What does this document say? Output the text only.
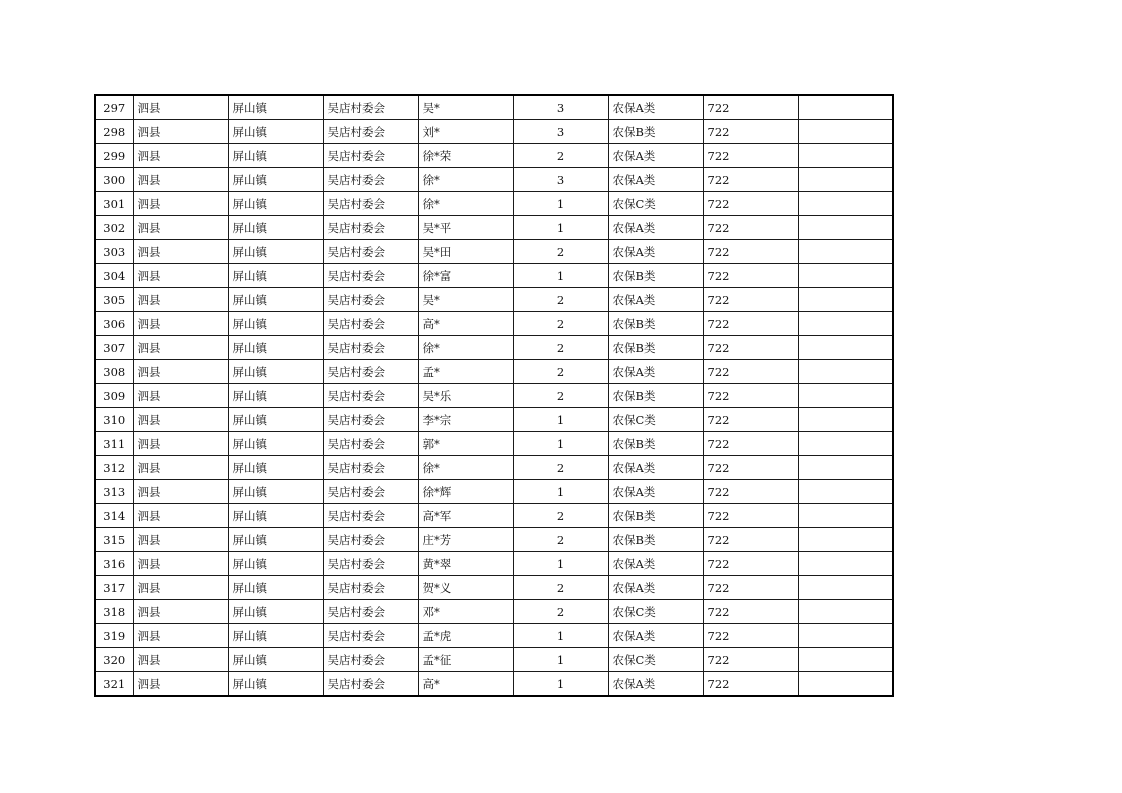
297	泗县	屏山镇	吴店村委会	吴*	3	农保A类	722	
298	泗县	屏山镇	吴店村委会	刘*	3	农保B类	722	
299	泗县	屏山镇	吴店村委会	徐*荣	2	农保A类	722	
300	泗县	屏山镇	吴店村委会	徐*	3	农保A类	722	
301	泗县	屏山镇	吴店村委会	徐*	1	农保C类	722	
302	泗县	屏山镇	吴店村委会	吴*平	1	农保A类	722	
303	泗县	屏山镇	吴店村委会	吴*田	2	农保A类	722	
304	泗县	屏山镇	吴店村委会	徐*富	1	农保B类	722	
305	泗县	屏山镇	吴店村委会	吴*	2	农保A类	722	
306	泗县	屏山镇	吴店村委会	高*	2	农保B类	722	
307	泗县	屏山镇	吴店村委会	徐*	2	农保B类	722	
308	泗县	屏山镇	吴店村委会	孟*	2	农保A类	722	
309	泗县	屏山镇	吴店村委会	吴*乐	2	农保B类	722	
310	泗县	屏山镇	吴店村委会	李*宗	1	农保C类	722	
311	泗县	屏山镇	吴店村委会	郭*	1	农保B类	722	
312	泗县	屏山镇	吴店村委会	徐*	2	农保A类	722	
313	泗县	屏山镇	吴店村委会	徐*辉	1	农保A类	722	
314	泗县	屏山镇	吴店村委会	高*军	2	农保B类	722	
315	泗县	屏山镇	吴店村委会	庄*芳	2	农保B类	722	
316	泗县	屏山镇	吴店村委会	黄*翠	1	农保A类	722	
317	泗县	屏山镇	吴店村委会	贺*义	2	农保A类	722	
318	泗县	屏山镇	吴店村委会	邓*	2	农保C类	722	
319	泗县	屏山镇	吴店村委会	孟*虎	1	农保A类	722	
320	泗县	屏山镇	吴店村委会	孟*征	1	农保C类	722	
321	泗县	屏山镇	吴店村委会	高*	1	农保A类	722	
